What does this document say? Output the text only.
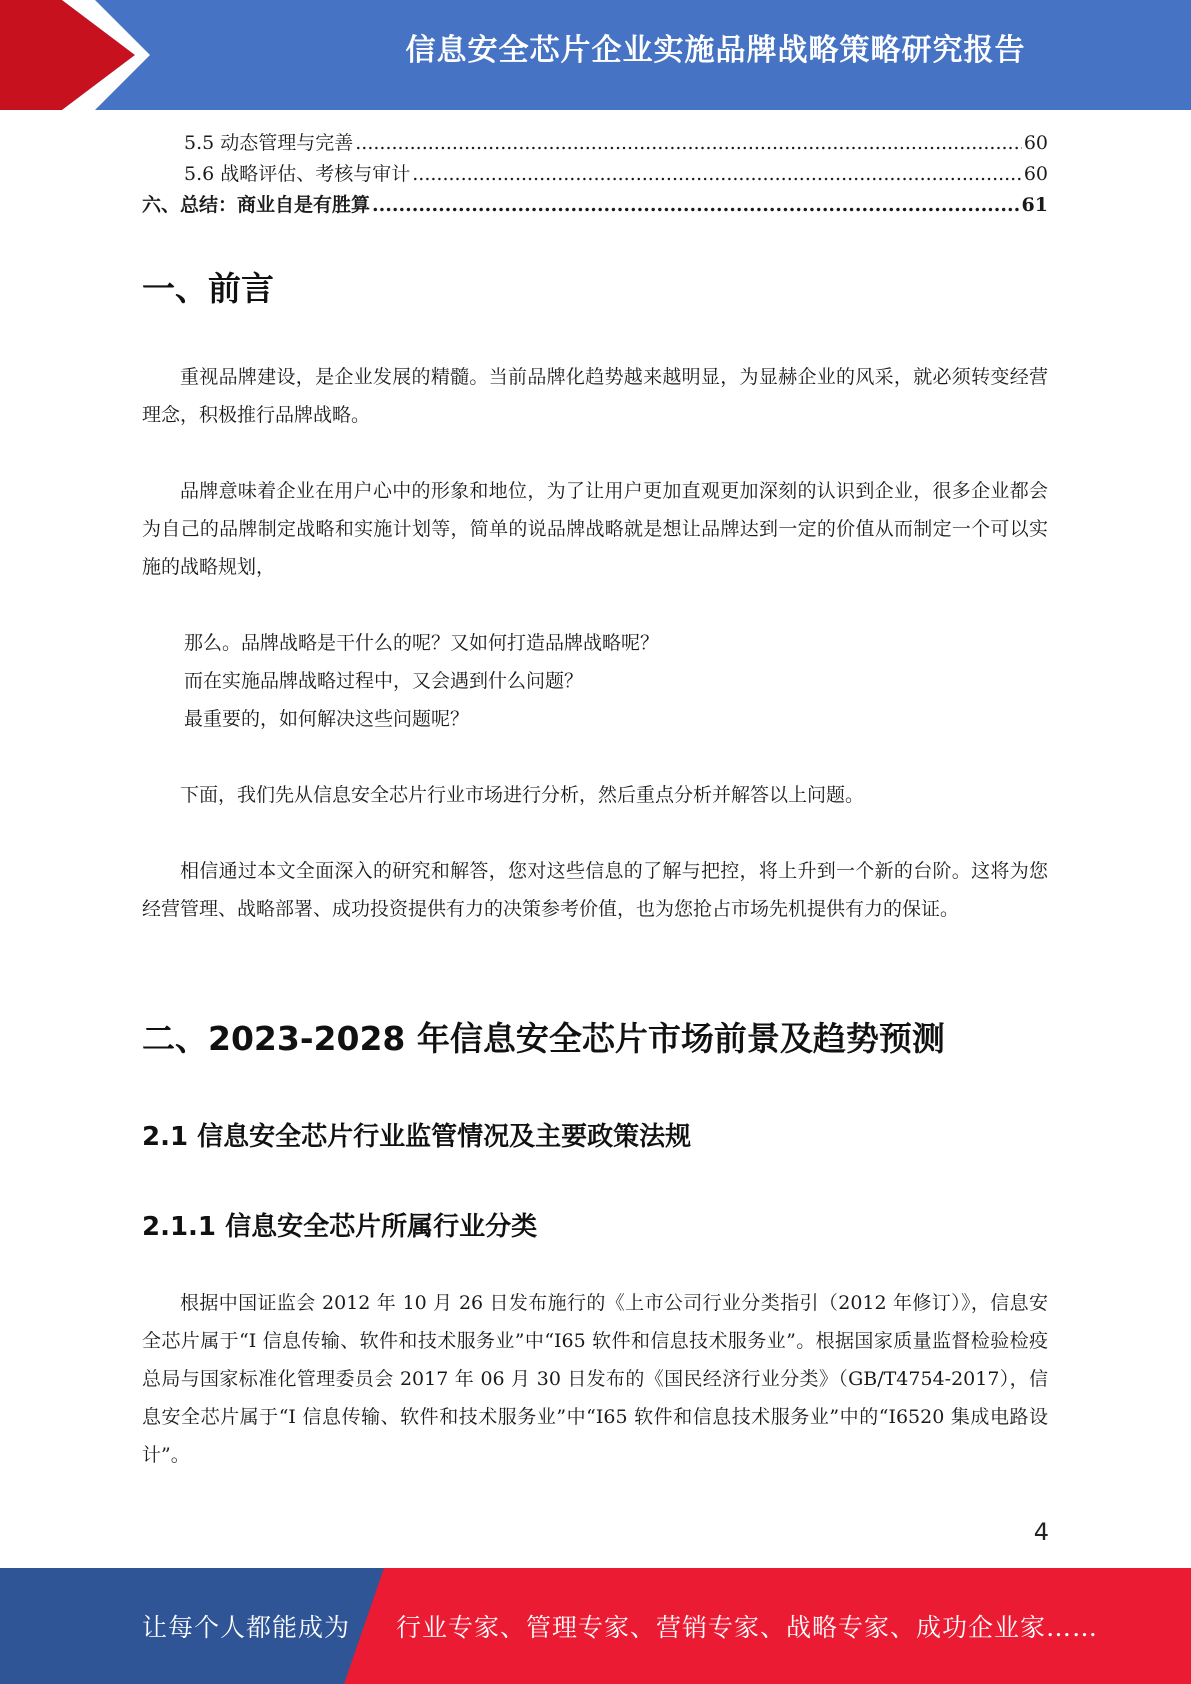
信息安全芯片企业实施品牌战略策略研究报告
5.5 动态管理与完善 .....	60
5.6 战略评估、考核与审计 .....	60
六、总结：商业自是有胜算 .....	61
一、前言

重视品牌建设，是企业发展的精髓。当前品牌化趋势越来越明显，为显赫企业的风采，就必须转变经营理念，积极推行品牌战略。

品牌意味着企业在用户心中的形象和地位，为了让用户更加直观更加深刻的认识到企业，很多企业都会为自己的品牌制定战略和实施计划等，简单的说品牌战略就是想让品牌达到一定的价值从而制定一个可以实施的战略规划，

那么。品牌战略是干什么的呢？又如何打造品牌战略呢？

而在实施品牌战略过程中，又会遇到什么问题？

最重要的，如何解决这些问题呢？

下面，我们先从信息安全芯片行业市场进行分析，然后重点分析并解答以上问题。

相信通过本文全面深入的研究和解答，您对这些信息的了解与把控，将上升到一个新的台阶。这将为您经营管理、战略部署、成功投资提供有力的决策参考价值，也为您抢占市场先机提供有力的保证。

二、2023-2028 年信息安全芯片市场前景及趋势预测
2.1 信息安全芯片行业监管情况及主要政策法规
2.1.1 信息安全芯片所属行业分类

根据中国证监会 2012 年 10 月 26 日发布施行的《上市公司行业分类指引（2012 年修订）》，信息安全芯片属于“I 信息传输、软件和技术服务业”中“I65 软件和信息技术服务业”。根据国家质量监督检验检疫总局与国家标准化管理委员会 2017 年 06 月 30 日发布的《国民经济行业分类》（GB/T4754-2017），信息安全芯片属于“I 信息传输、软件和技术服务业”中“I65 软件和信息技术服务业”中的“I6520 集成电路设计”。

4
让每个人都能成为 行业专家、管理专家、营销专家、战略专家、成功企业家……
